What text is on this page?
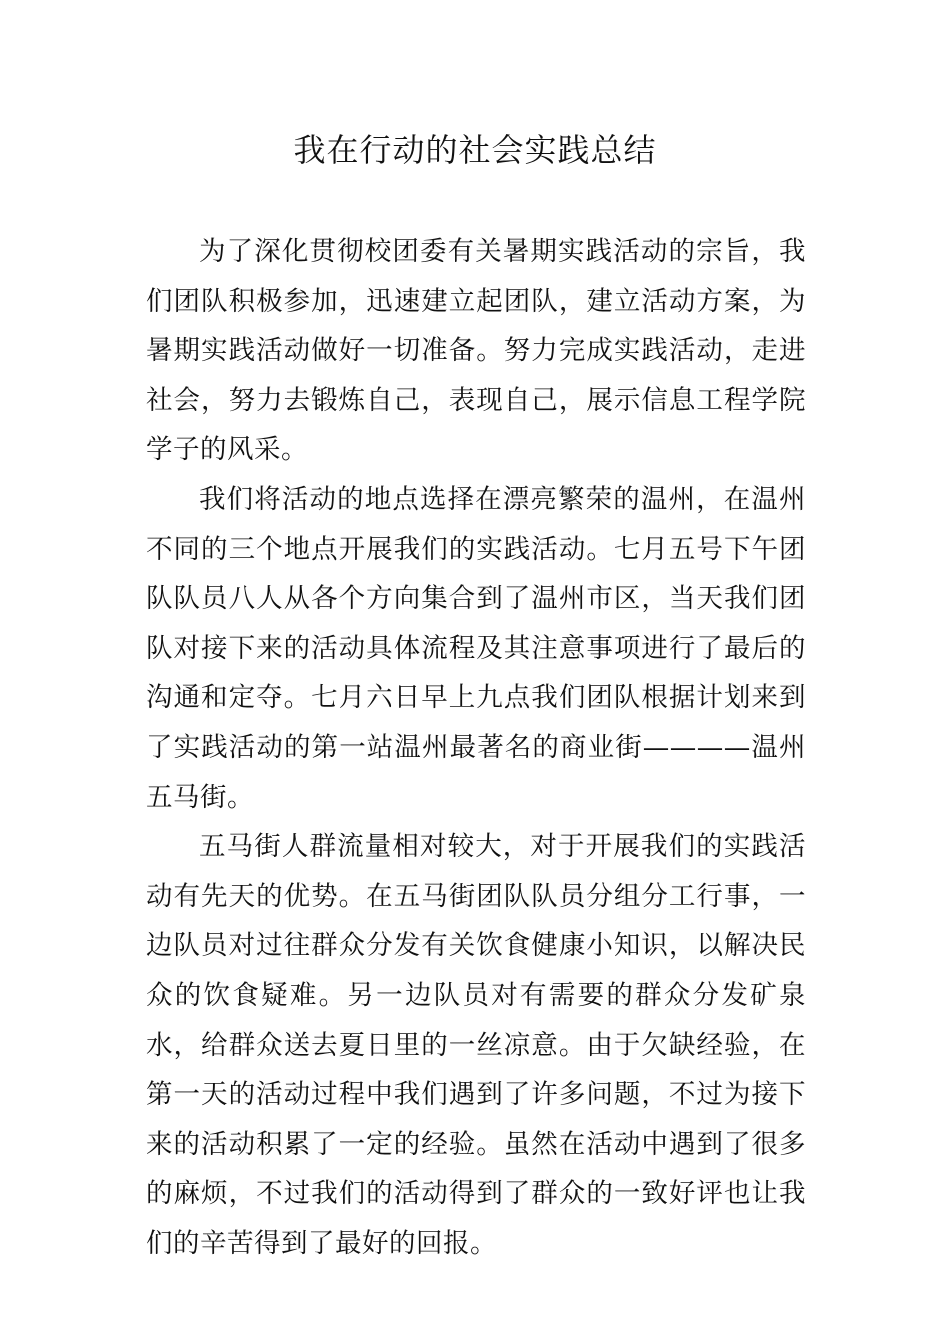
我在行动的社会实践总结

为了深化贯彻校团委有关暑期实践活动的宗旨，我们团队积极参加，迅速建立起团队，建立活动方案，为暑期实践活动做好一切准备。努力完成实践活动，走进社会，努力去锻炼自己，表现自己，展示信息工程学院学子的风采。

我们将活动的地点选择在漂亮繁荣的温州，在温州不同的三个地点开展我们的实践活动。七月五号下午团队队员八人从各个方向集合到了温州市区，当天我们团队对接下来的活动具体流程及其注意事项进行了最后的沟通和定夺。七月六日早上九点我们团队根据计划来到了实践活动的第一站温州最著名的商业街————温州五马街。

五马街人群流量相对较大，对于开展我们的实践活动有先天的优势。在五马街团队队员分组分工行事，一边队员对过往群众分发有关饮食健康小知识，以解决民众的饮食疑难。另一边队员对有需要的群众分发矿泉水，给群众送去夏日里的一丝凉意。由于欠缺经验，在第一天的活动过程中我们遇到了许多问题，不过为接下来的活动积累了一定的经验。虽然在活动中遇到了很多的麻烦，不过我们的活动得到了群众的一致好评也让我们的辛苦得到了最好的回报。
